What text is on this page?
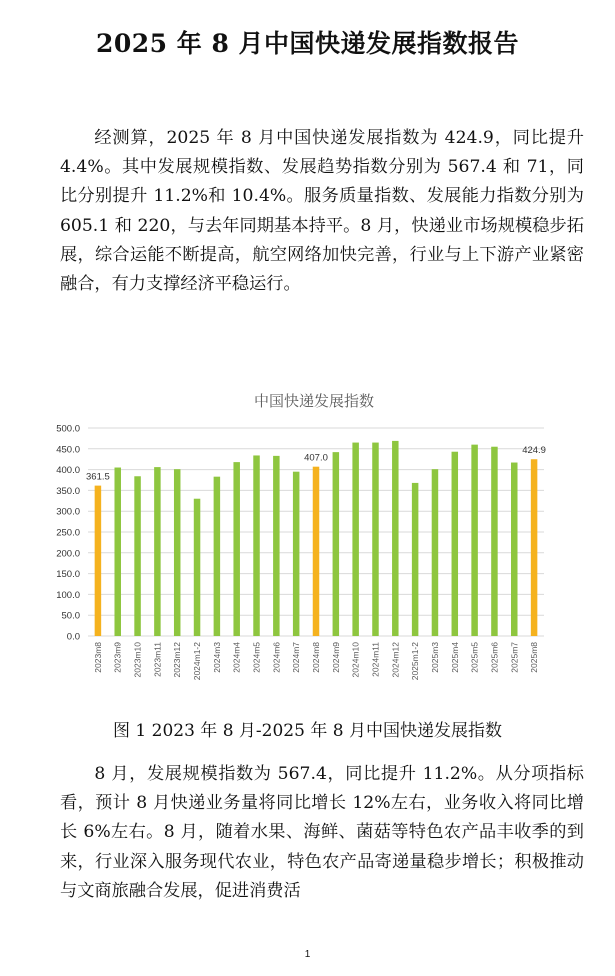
2025 年 8 月中国快递发展指数报告

经测算，2025 年 8 月中国快递发展指数为 424.9，同比提升 4.4%。其中发展规模指数、发展趋势指数分别为 567.4 和 71，同比分别提升 11.2%和 10.4%。服务质量指数、发展能力指数分别为 605.1 和 220，与去年同期基本持平。8 月，快递业市场规模稳步拓展，综合运能不断提高，航空网络加快完善，行业与上下游产业紧密融合，有力支撑经济平稳运行。

中国快递发展指数
0.0
50.0
100.0
150.0
200.0
250.0
300.0
350.0
400.0
450.0
500.0
361.5
2023m8 2023m9 2023m10 2023m11 2023m12 2024m1-2 2024m3 2024m4 2024m5 2024m6 2024m7
407.0
2024m8 2024m9 2024m10 2024m11 2024m12 2025m1-2 2025m3 2025m4 2025m5 2025m6 2025m7
424.9
2025m8
图 1 2023 年 8 月-2025 年 8 月中国快递发展指数

8 月，发展规模指数为 567.4，同比提升 11.2%。从分项指标看，预计 8 月快递业务量将同比增长 12%左右，业务收入将同比增长 6%左右。8 月，随着水果、海鲜、菌菇等特色农产品丰收季的到来，行业深入服务现代农业，特色农产品寄递量稳步增长；积极推动与文商旅融合发展，促进消费活

1
